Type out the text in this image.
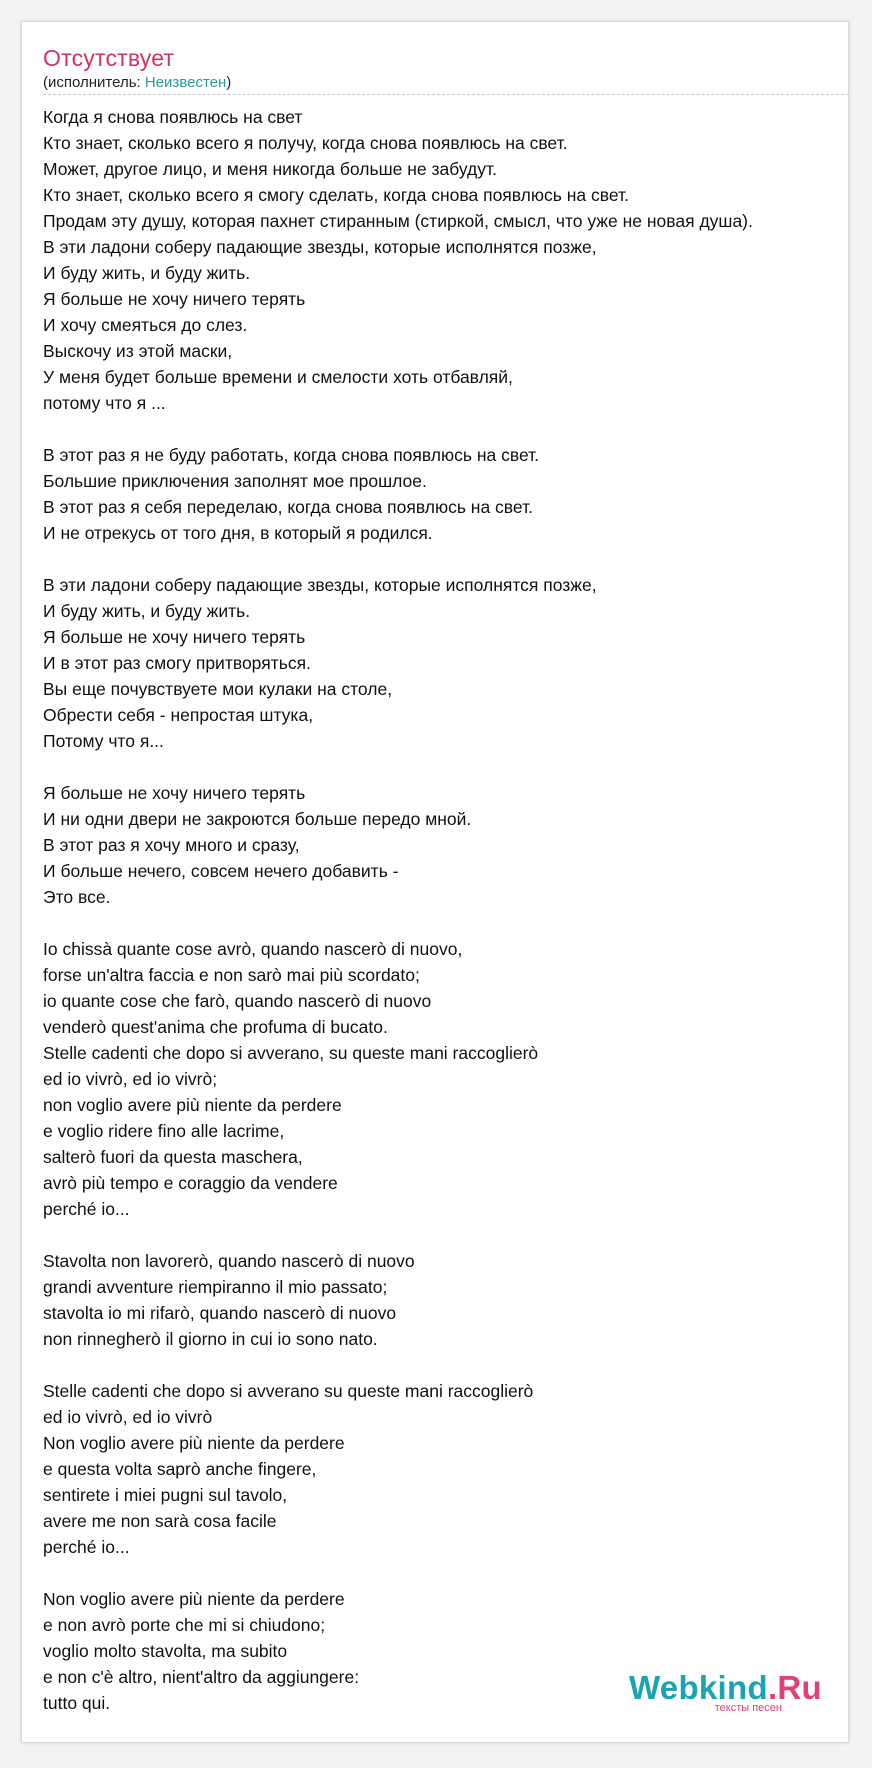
Отсутствует
(исполнитель: Неизвестен)
Когда я снова появлюсь на свет
Кто знает, сколько всего я получу, когда снова появлюсь на свет.
Может, другое лицо, и меня никогда больше не забудут.
Кто знает, сколько всего я смогу сделать, когда снова появлюсь на свет.
Продам эту душу, которая пахнет стиранным (стиркой, смысл, что уже не новая душа).
В эти ладони соберу падающие звезды, которые исполнятся позже,
И буду жить, и буду жить.
Я больше не хочу ничего терять
И хочу смеяться до слез.
Выскочу из этой маски,
У меня будет больше времени и смелости хоть отбавляй,
потому что я ...
В этот раз я не буду работать, когда снова появлюсь на свет.
Большие приключения заполнят мое прошлое.
В этот раз я себя переделаю, когда снова появлюсь на свет.
И не отрекусь от того дня, в который я родился.
В эти ладони соберу падающие звезды, которые исполнятся позже,
И буду жить, и буду жить.
Я больше не хочу ничего терять
И в этот раз смогу притворяться.
Вы еще почувствуете мои кулаки на столе,
Обрести себя - непростая штука,
Потому что я...
Я больше не хочу ничего терять
И ни одни двери не закроются больше передо мной.
В этот раз я хочу много и сразу,
И больше нечего, совсем нечего добавить -
Это все.
Io chissà quante cose avrò, quando nascerò di nuovo,
forse un'altra faccia e non sarò mai più scordato;
io quante cose che farò, quando nascerò di nuovo
venderò quest'anima che profuma di bucato.
Stelle cadenti che dopo si avverano, su queste mani raccoglierò
ed io vivrò, ed io vivrò;
non voglio avere più niente da perdere
e voglio ridere fino alle lacrime,
salterò fuori da questa maschera,
avrò più tempo e coraggio da vendere
perché io...
Stavolta non lavorerò, quando nascerò di nuovo
grandi avventure riempiranno il mio passato;
stavolta io mi rifarò, quando nascerò di nuovo
non rinnegherò il giorno in cui io sono nato.
Stelle cadenti che dopo si avverano su queste mani raccoglierò
ed io vivrò, ed io vivrò
Non voglio avere più niente da perdere
e questa volta saprò anche fingere,
sentirete i miei pugni sul tavolo,
avere me non sarà cosa facile
perché io...
Non voglio avere più niente da perdere
e non avrò porte che mi si chiudono;
voglio molto stavolta, ma subito
e non c'è altro, nient'altro da aggiungere:
tutto qui.	Webkind.Ru
тексты песен
